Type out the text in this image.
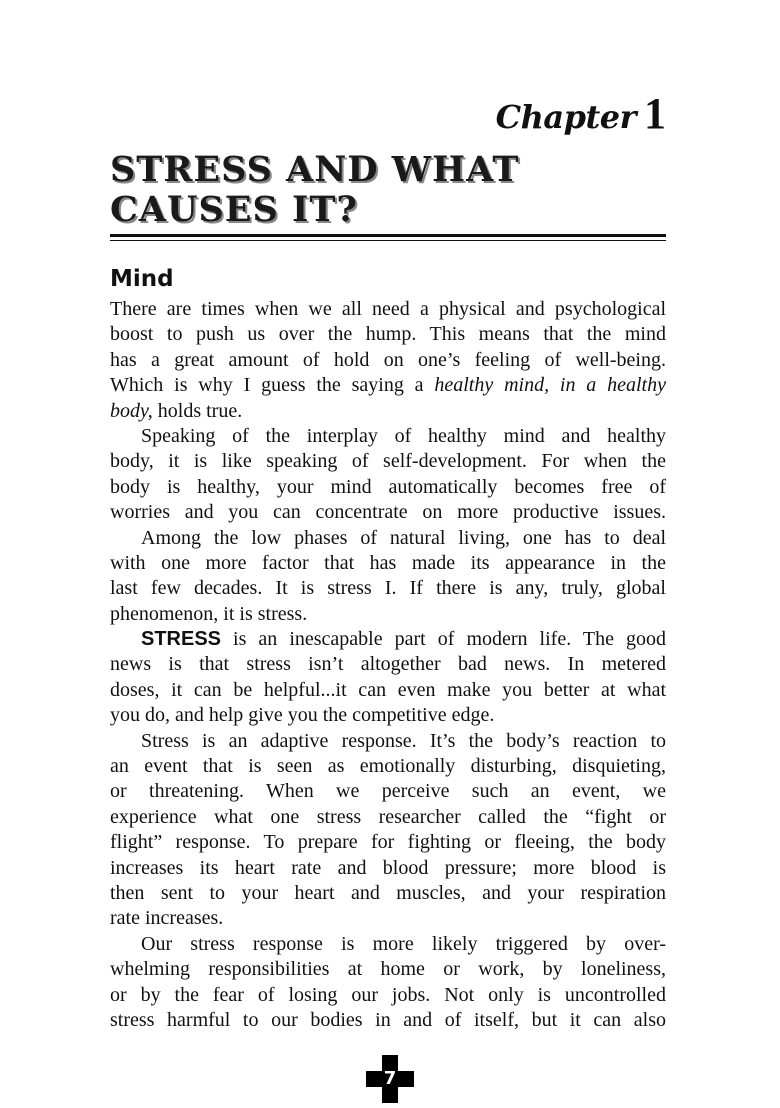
Chapter 1
STRESS AND WHAT
CAUSES IT?
Mind
There are times when we all need a physical and psychological
boost to push us over the hump. This means that the mind
has a great amount of hold on one’s feeling of well-being.
Which is why I guess the saying a healthy mind, in a healthy
body, holds true.
Speaking of the interplay of healthy mind and healthy
body, it is like speaking of self-development. For when the
body is healthy, your mind automatically becomes free of
worries and you can concentrate on more productive issues.
Among the low phases of natural living, one has to deal
with one more factor that has made its appearance in the
last few decades. It is stress I. If there is any, truly, global
phenomenon, it is stress.
STRESS is an inescapable part of modern life. The good
news is that stress isn’t altogether bad news. In metered
doses, it can be helpful...it can even make you better at what
you do, and help give you the competitive edge.
Stress is an adaptive response. It’s the body’s reaction to
an event that is seen as emotionally disturbing, disquieting,
or threatening. When we perceive such an event, we
experience what one stress researcher called the “fight or
flight” response. To prepare for fighting or fleeing, the body
increases its heart rate and blood pressure; more blood is
then sent to your heart and muscles, and your respiration
rate increases.
Our stress response is more likely triggered by over-
whelming responsibilities at home or work, by loneliness,
or by the fear of losing our jobs. Not only is uncontrolled
stress harmful to our bodies in and of itself, but it can also
7
